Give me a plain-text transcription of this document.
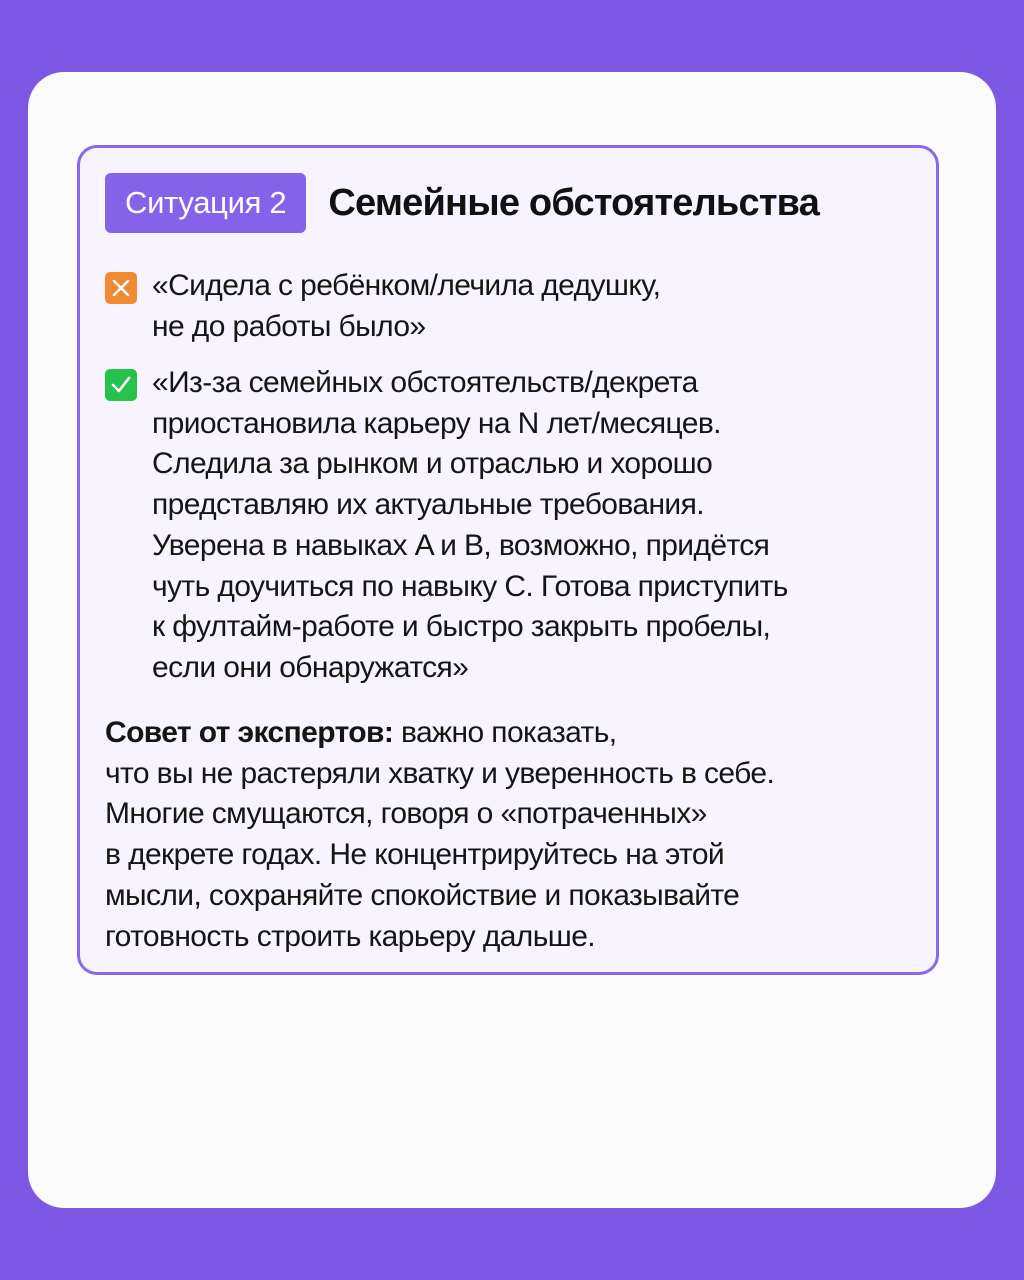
Ситуация 2	Семейные обстоятельства
«Сидела с ребёнком/лечила дедушку,
не до работы было»
«Из-за семейных обстоятельств/декрета
приостановила карьеру на N лет/месяцев.
Следила за рынком и отраслью и хорошо
представляю их актуальные требования.
Уверена в навыках A и B, возможно, придётся
чуть доучиться по навыку C. Готова приступить
к фултайм-работе и быстро закрыть пробелы,
если они обнаружатся»
Совет от экспертов: важно показать,
что вы не растеряли хватку и уверенность в себе.
Многие смущаются, говоря о «потраченных»
в декрете годах. Не концентрируйтесь на этой
мысли, сохраняйте спокойствие и показывайте
готовность строить карьеру дальше.
